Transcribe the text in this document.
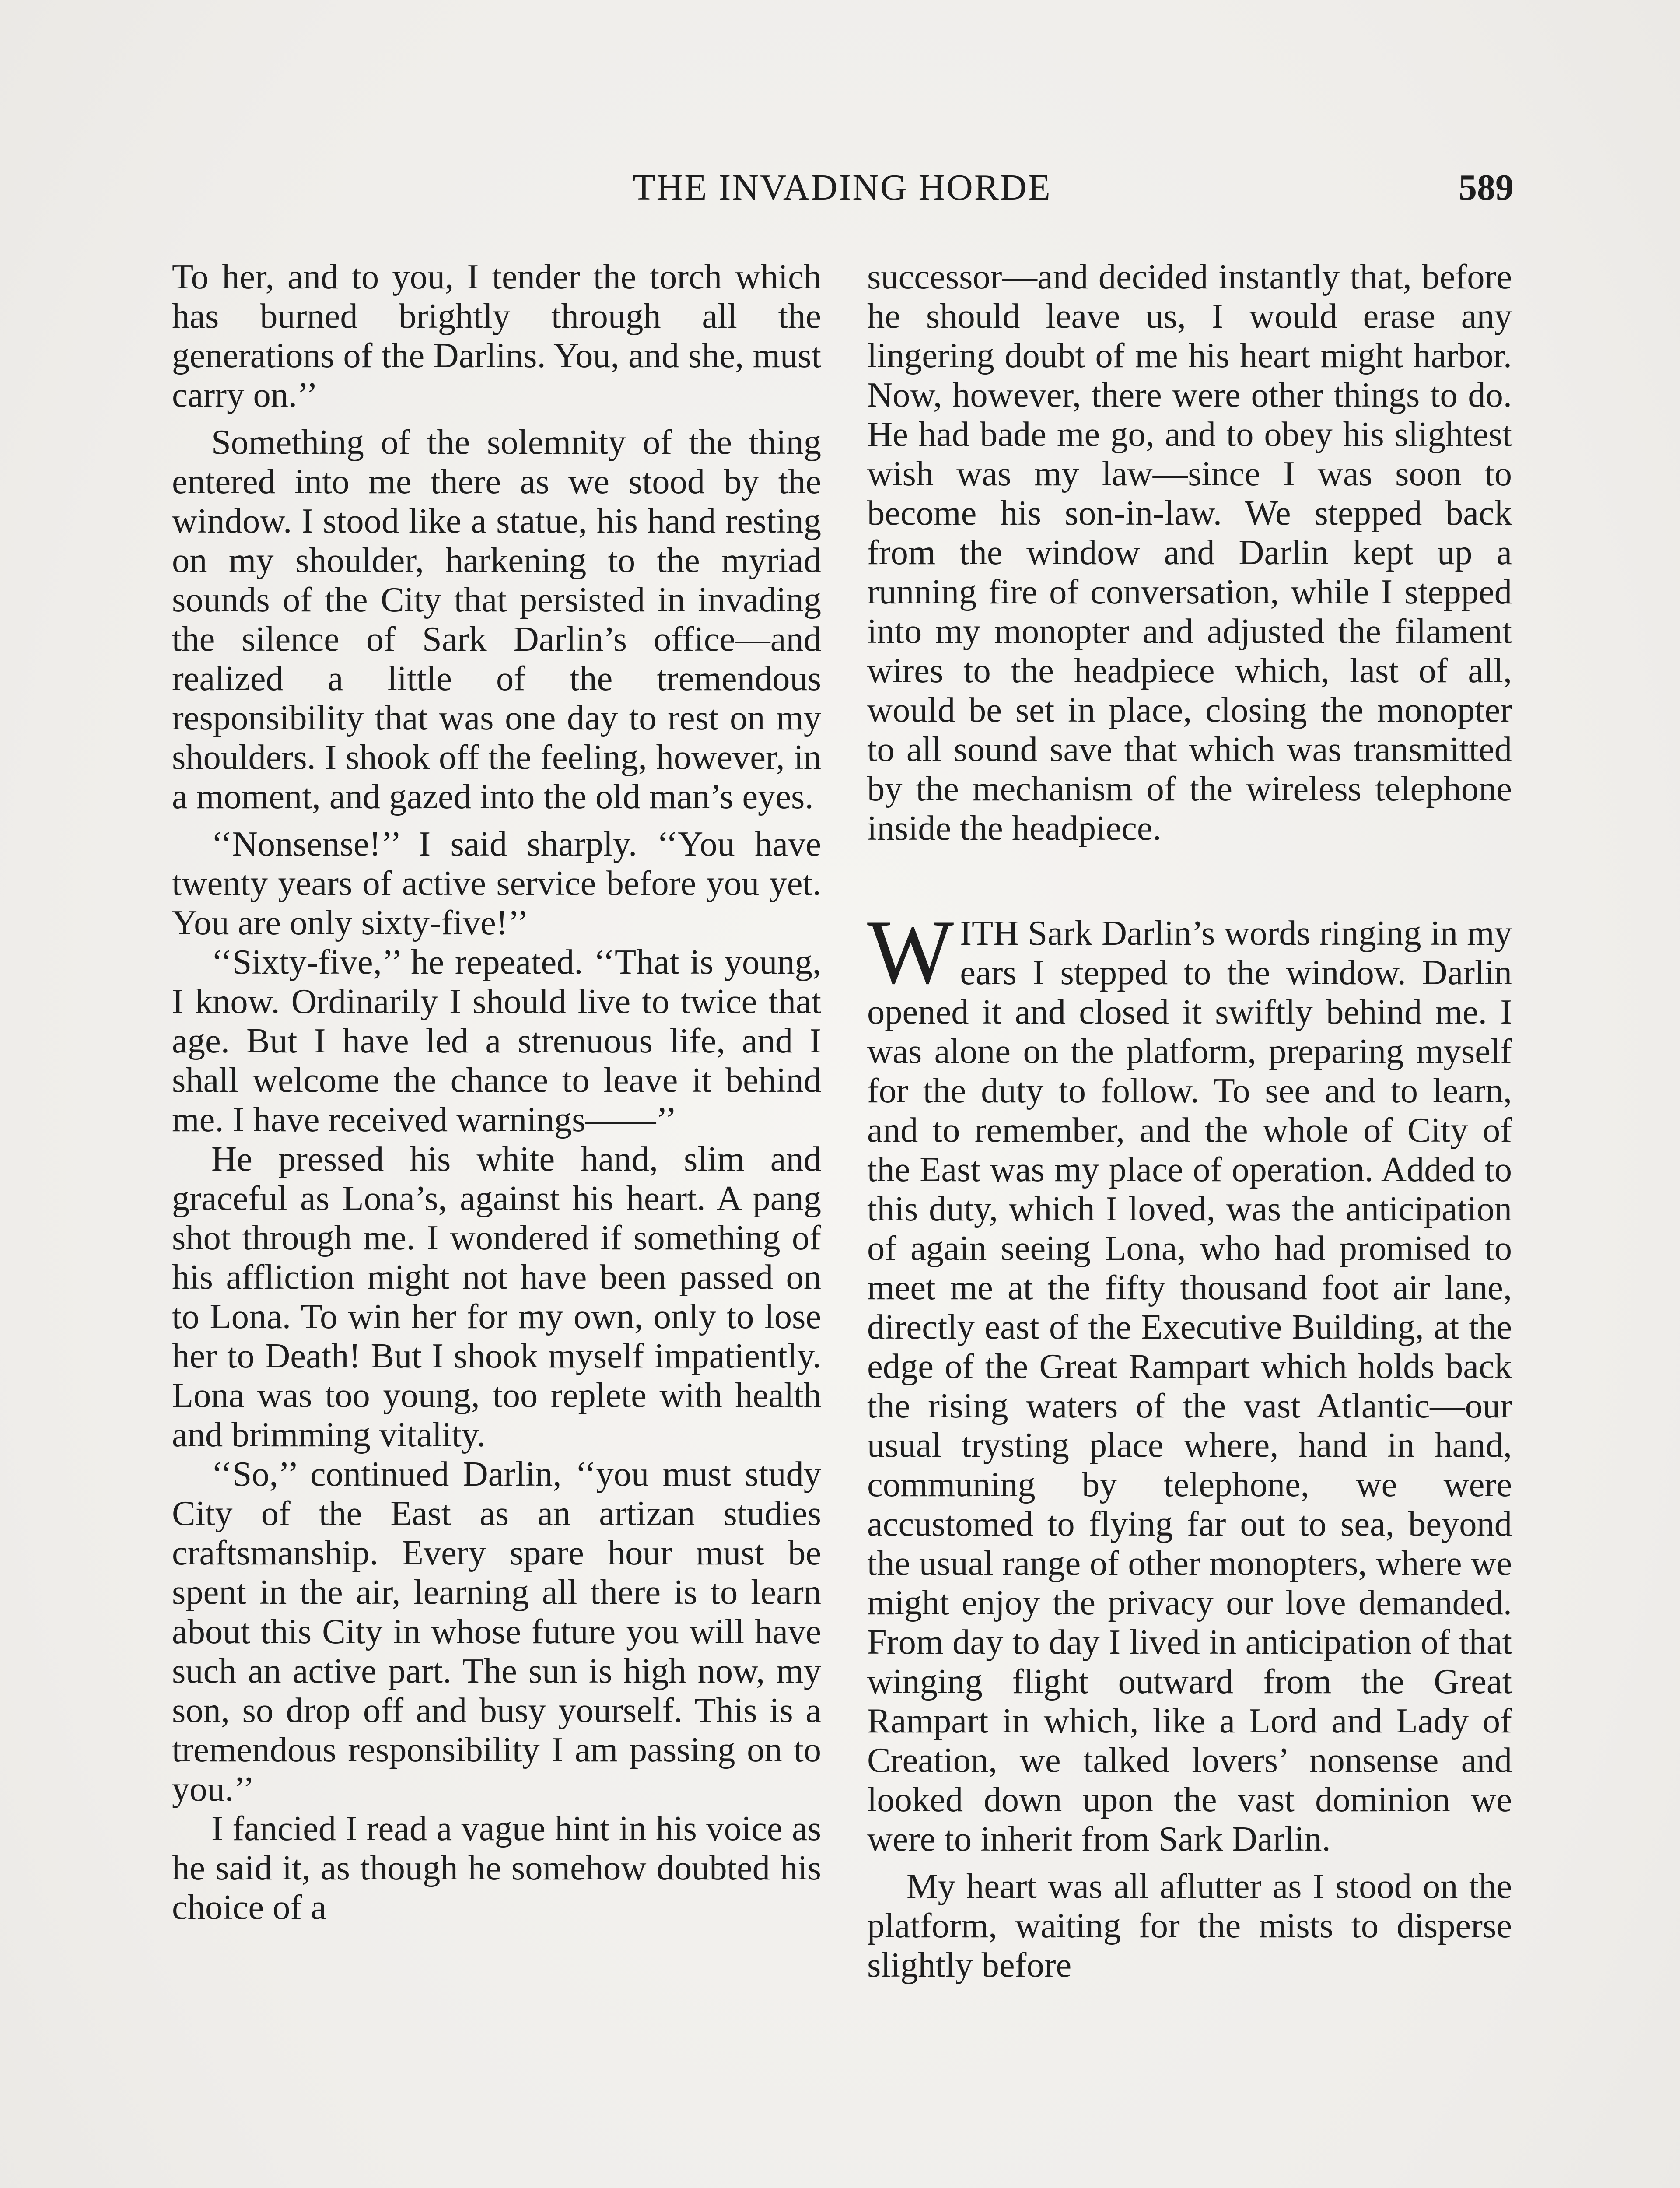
THE INVADING HORDE	589

To her, and to you, I tender the torch which has burned brightly through all the generations of the Darlins. You, and she, must carry on.’’

Something of the solemnity of the thing entered into me there as we stood by the window. I stood like a statue, his hand resting on my shoulder, harkening to the myriad sounds of the City that persisted in invading the silence of Sark Darlin’s office—and realized a little of the tremendous responsibility that was one day to rest on my shoulders. I shook off the feeling, however, in a moment, and gazed into the old man’s eyes.

‘‘Nonsense!’’ I said sharply. ‘‘You have twenty years of active service before you yet. You are only sixty-five!’’

‘‘Sixty-five,’’ he repeated. ‘‘That is young, I know. Ordinarily I should live to twice that age. But I have led a strenuous life, and I shall welcome the chance to leave it behind me. I have received warnings——’’

He pressed his white hand, slim and graceful as Lona’s, against his heart. A pang shot through me. I wondered if something of his affliction might not have been passed on to Lona. To win her for my own, only to lose her to Death! But I shook myself impatiently. Lona was too young, too replete with health and brimming vitality.

‘‘So,’’ continued Darlin, ‘‘you must study City of the East as an artizan studies craftsmanship. Every spare hour must be spent in the air, learning all there is to learn about this City in whose future you will have such an active part. The sun is high now, my son, so drop off and busy yourself. This is a tremendous responsibility I am passing on to you.’’

I fancied I read a vague hint in his voice as he said it, as though he somehow doubted his choice of a

successor—and decided instantly that, before he should leave us, I would erase any lingering doubt of me his heart might harbor. Now, however, there were other things to do. He had bade me go, and to obey his slightest wish was my law—since I was soon to become his son-in-law. We stepped back from the window and Darlin kept up a running fire of conversation, while I stepped into my monopter and adjusted the filament wires to the headpiece which, last of all, would be set in place, closing the monopter to all sound save that which was transmitted by the mechanism of the wireless telephone inside the headpiece.

WITH Sark Darlin’s words ringing in my ears I stepped to the window. Darlin opened it and closed it swiftly behind me. I was alone on the platform, preparing myself for the duty to follow. To see and to learn, and to remember, and the whole of City of the East was my place of operation. Added to this duty, which I loved, was the anticipation of again seeing Lona, who had promised to meet me at the fifty thousand foot air lane, directly east of the Executive Building, at the edge of the Great Rampart which holds back the rising waters of the vast Atlantic—our usual trysting place where, hand in hand, communing by telephone, we were accustomed to flying far out to sea, beyond the usual range of other monopters, where we might enjoy the privacy our love demanded. From day to day I lived in anticipation of that winging flight outward from the Great Rampart in which, like a Lord and Lady of Creation, we talked lovers’ nonsense and looked down upon the vast dominion we were to inherit from Sark Darlin.

My heart was all aflutter as I stood on the platform, waiting for the mists to disperse slightly before
